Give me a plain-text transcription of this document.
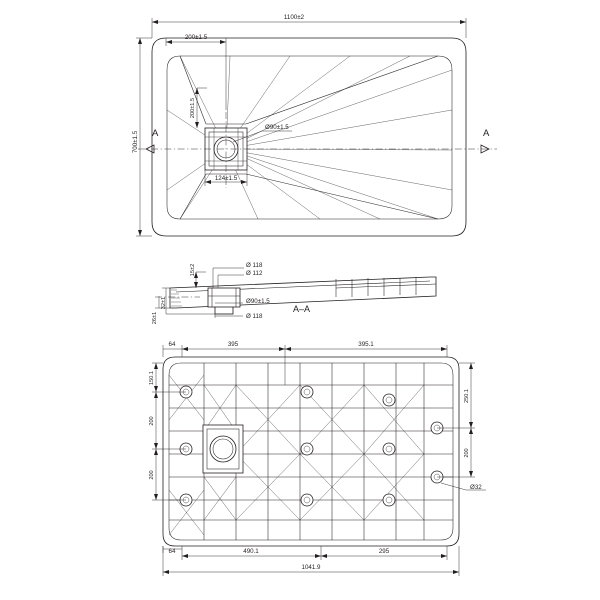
1100±2
200±1.5
700±1.5
200±1.5
Ø90±1.5
124±1.5
A	A
15±2	Ø 118
Ø 112
Ø90±1.5
Ø 118
32±1
26±1
A–A
64	395	395.1
64	490.1	295
1041.9
150.1
200
200
250.1
200
Ø32
